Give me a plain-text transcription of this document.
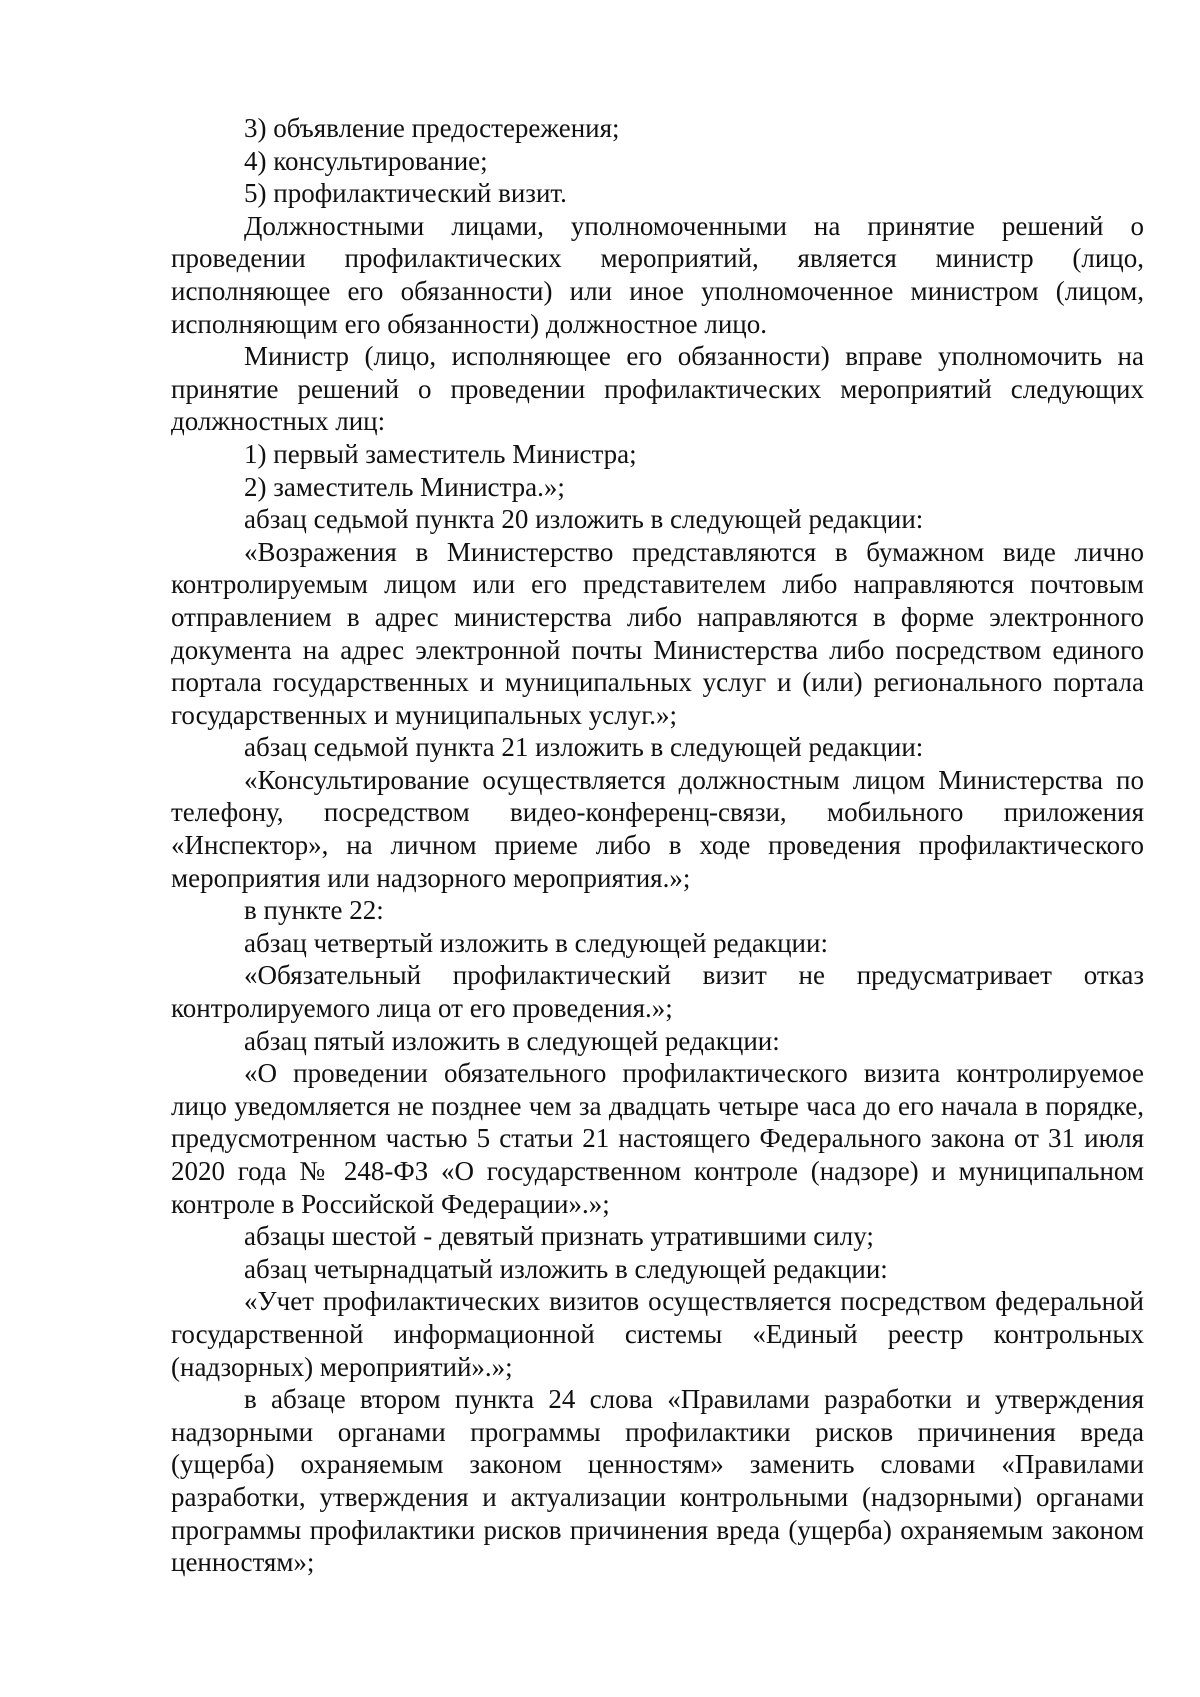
3) объявление предостережения;

4) консультирование;

5) профилактический визит.

Должностными лицами, уполномоченными на принятие решений о проведении профилактических мероприятий, является министр (лицо, исполняющее его обязанности) или иное уполномоченное министром (лицом, исполняющим его обязанности) должностное лицо.

Министр (лицо, исполняющее его обязанности) вправе уполномочить на принятие решений о проведении профилактических мероприятий следующих должностных лиц:

1) первый заместитель Министра;

2) заместитель Министра.»;

абзац седьмой пункта 20 изложить в следующей редакции:

«Возражения в Министерство представляются в бумажном виде лично контролируемым лицом или его представителем либо направляются почтовым отправлением в адрес министерства либо направляются в форме электронного документа на адрес электронной почты Министерства либо посредством единого портала государственных и муниципальных услуг и (или) регионального портала государственных и муниципальных услуг.»;

абзац седьмой пункта 21 изложить в следующей редакции:

«Консультирование осуществляется должностным лицом Министерства по телефону, посредством видео-конференц-связи, мобильного приложения «Инспектор», на личном приеме либо в ходе проведения профилактического мероприятия или надзорного мероприятия.»;

в пункте 22:

абзац четвертый изложить в следующей редакции:

«Обязательный профилактический визит не предусматривает отказ контролируемого лица от его проведения.»;

абзац пятый изложить в следующей редакции:

«О проведении обязательного профилактического визита контролируемое лицо уведомляется не позднее чем за двадцать четыре часа до его начала в порядке, предусмотренном частью 5 статьи 21 настоящего Федерального закона от 31 июля 2020 года № 248-ФЗ «О государственном контроле (надзоре) и муниципальном контроле в Российской Федерации».»;

абзацы шестой - девятый признать утратившими силу;

абзац четырнадцатый изложить в следующей редакции:

«Учет профилактических визитов осуществляется посредством федеральной государственной информационной системы «Единый реестр контрольных (надзорных) мероприятий».»;

в абзаце втором пункта 24 слова «Правилами разработки и утверждения надзорными органами программы профилактики рисков причинения вреда (ущерба) охраняемым законом ценностям» заменить словами «Правилами разработки, утверждения и актуализации контрольными (надзорными) органами программы профилактики рисков причинения вреда (ущерба) охраняемым законом ценностям»;
